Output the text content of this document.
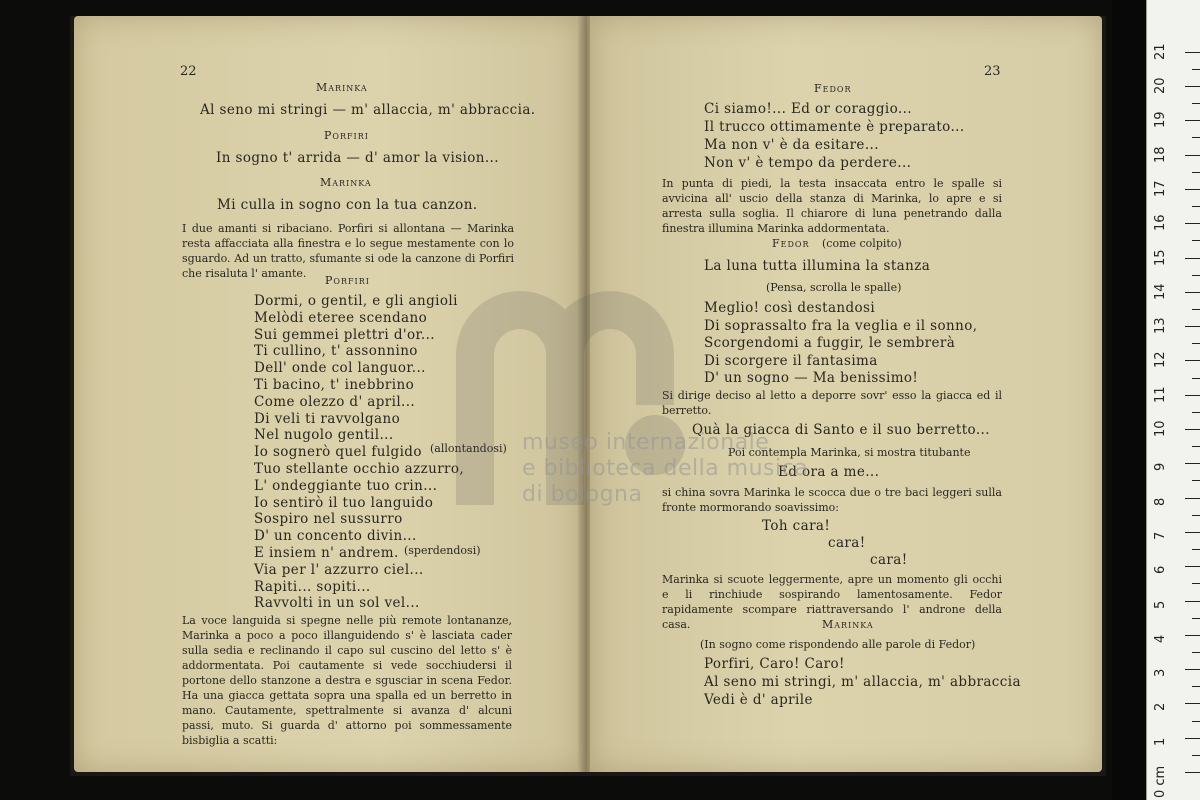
22
Marinka
Al seno mi stringi — m' allaccia, m' abbraccia.
Porfiri
In sogno t' arrida — d' amor la vision...
Marinka
Mi culla in sogno con la tua canzon.
I due amanti si ribaciano. Porfiri si allontana — Marinka resta affacciata alla finestra e lo segue mestamente con lo sguardo. Ad un tratto, sfumante si ode la canzone di Porfiri che risaluta l' amante.
Porfiri
Dormi, o gentil, e gli angioli
Melòdi eteree scendano
Sui gemmei plettri d'or...
Ti cullino, t' assonnino
Dell' onde col languor...
Ti bacino, t' inebbrino
Come olezzo d' april...
Di veli ti ravvolgano
Nel nugolo gentil...
Io sognerò quel fulgido
Tuo stellante occhio azzurro,
L' ondeggiante tuo crin...
Io sentirò il tuo languido
Sospiro nel sussurro
D' un concento divin...
E insiem n' andrem.
Via per l' azzurro ciel...
Rapiti... sopiti...
Ravvolti in un sol vel...
(allontandosi)
(sperdendosi)
La voce languida si spegne nelle più remote lontananze, Marinka a poco a poco illanguidendo s' è lasciata cader sulla sedia e reclinando il capo sul cuscino del letto s' è addormentata. Poi cautamente si vede socchiudersi il portone dello stanzone a destra e sgusciar in scena Fedor. Ha una giacca gettata sopra una spalla ed un berretto in mano. Cautamente, spettralmente si avanza d' alcuni passi, muto. Si guarda d' attorno poi sommessamente bisbiglia a scatti:
23
Fedor
Ci siamo!... Ed or coraggio...
Il trucco ottimamente è preparato...
Ma non v' è da esitare...
Non v' è tempo da perdere...
In punta di piedi, la testa insaccata entro le spalle si avvicina all' uscio della stanza di Marinka, lo apre e si arresta sulla soglia. Il chiarore di luna penetrando dalla finestra illumina Marinka addormentata.
Fedor (come colpito)
La luna tutta illumina la stanza
(Pensa, scrolla le spalle)
Meglio! così destandosi
Di soprassalto fra la veglia e il sonno,
Scorgendomi a fuggir, le sembrerà
Di scorgere il fantasima
D' un sogno — Ma benissimo!
Si dirige deciso al letto a deporre sovr' esso la giacca ed il berretto.
Quà la giacca di Santo e il suo berretto...
Poi contempla Marinka, si mostra titubante
Ed ora a me...
si china sovra Marinka le scocca due o tre baci leggeri sulla fronte mormorando soavissimo:
Toh cara!
cara!
cara!
Marinka si scuote leggermente, apre un momento gli occhi e li rinchiude sospirando lamentosamente. Fedor rapidamente scompare riattraversando l' androne della casa.	Marinka
(In sogno come rispondendo alle parole di Fedor)
Porfiri, Caro! Caro!
Al seno mi stringi, m' allaccia, m' abbraccia
Vedi è d' aprile
museo internazionale
e biblioteca della musica
di bologna
0 cm
1
2
3
4
5
6
7
8
9
10
11
12
13
14
15
16
17
18
19
20
21
